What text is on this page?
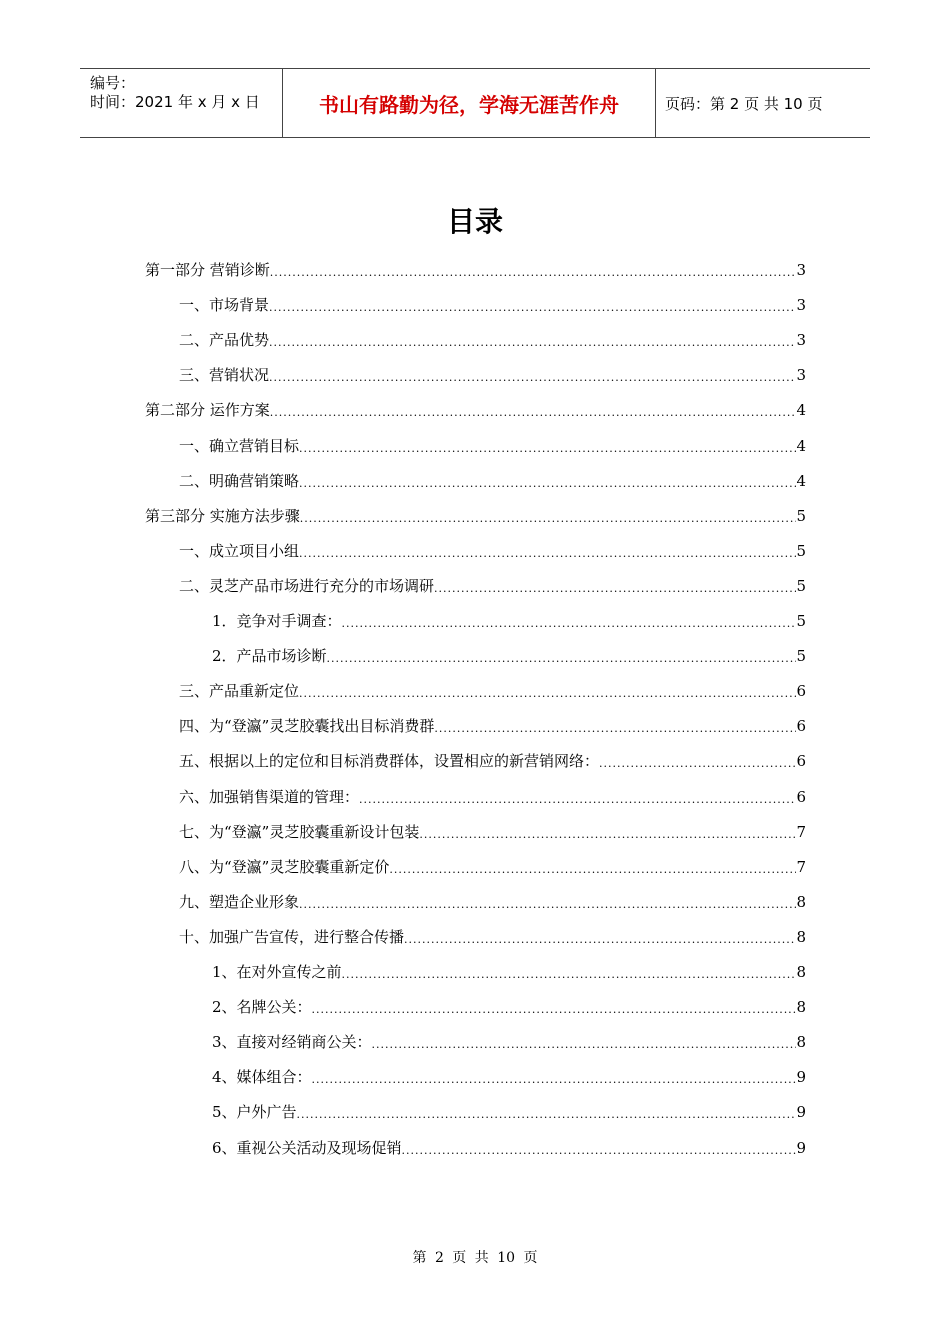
编号：
时间：2021 年 x 月 x 日	书山有路勤为径，学海无涯苦作舟	页码：第 2 页 共 10 页
目录
第一部分 营销诊断 .....	3
一、市场背景 .....	3
二、产品优势 .....	3
三、营销状况 .....	3
第二部分 运作方案 .....	4
一、确立营销目标 .....	4
二、明确营销策略 .....	4
第三部分 实施方法步骤 .....	5
一、成立项目小组 .....	5
二、灵芝产品市场进行充分的市场调研 .....	5
1．竞争对手调查： .....	5
2．产品市场诊断 .....	5
三、产品重新定位 .....	6
四、为“登瀛”灵芝胶囊找出目标消费群 .....	6
五、根据以上的定位和目标消费群体，设置相应的新营销网络： .....	6
六、加强销售渠道的管理： .....	6
七、为“登瀛”灵芝胶囊重新设计包装 .....	7
八、为“登瀛”灵芝胶囊重新定价 .....	7
九、塑造企业形象 .....	8
十、加强广告宣传，进行整合传播 .....	8
1、在对外宣传之前 .....	8
2、名牌公关： .....	8
3、直接对经销商公关： .....	8
4、媒体组合： .....	9
5、户外广告 .....	9
6、重视公关活动及现场促销 .....	9
第 2 页 共 10 页
